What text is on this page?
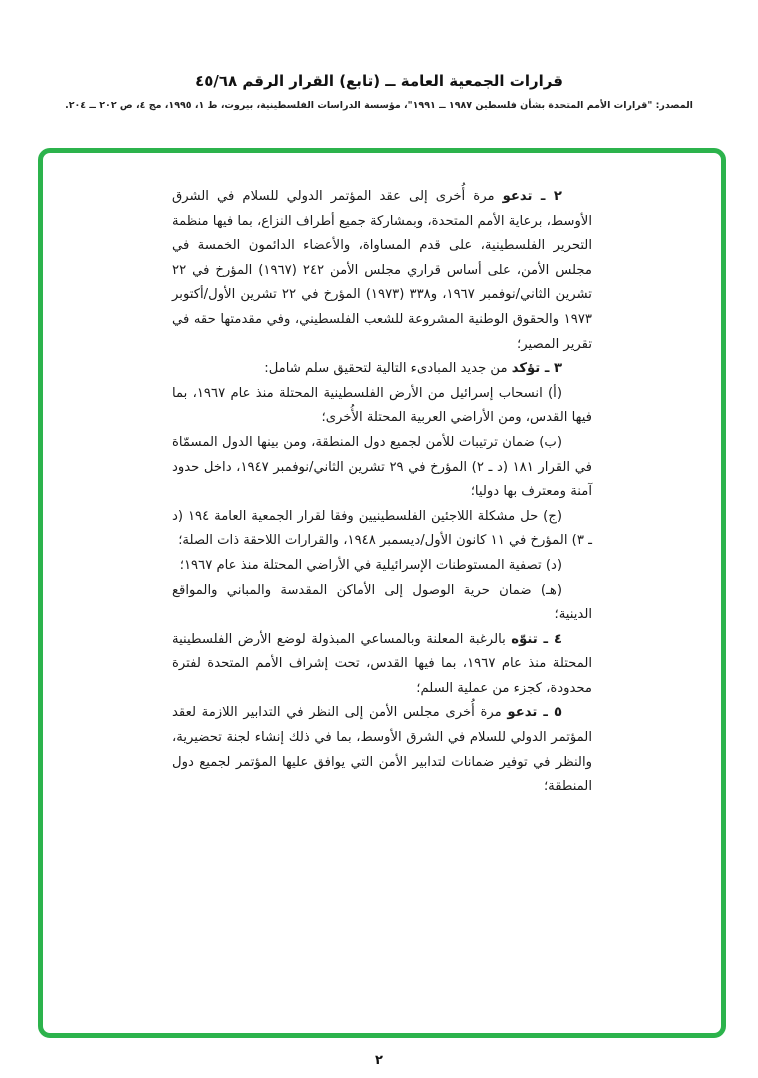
قرارات الجمعية العامة ــ (تابع) القرار الرقم ٤٥/٦٨
المصدر: "قرارات الأمم المتحدة بشأن فلسطين ١٩٨٧ ــ ١٩٩١"، مؤسسة الدراسات الفلسطينية، بيروت، ط ١، ١٩٩٥، مج ٤، ص ٢٠٢ ــ ٢٠٤.

٢ ـ تدعو مرة أُخرى إلى عقد المؤتمر الدولي للسلام في الشرق الأوسط، برعاية الأمم المتحدة، وبمشاركة جميع أطراف النزاع، بما فيها منظمة التحرير الفلسطينية، على قدم المساواة، والأعضاء الدائمون الخمسة في مجلس الأمن، على أساس قراري مجلس الأمن ٢٤٢ (١٩٦٧) المؤرخ في ٢٢ تشرين الثاني/نوفمبر ١٩٦٧، و٣٣٨ (١٩٧٣) المؤرخ في ٢٢ تشرين الأول/أكتوبر ١٩٧٣ والحقوق الوطنية المشروعة للشعب الفلسطيني، وفي مقدمتها حقه في تقرير المصير؛

٣ ـ تؤكد من جديد المبادىء التالية لتحقيق سلم شامل:

(أ) انسحاب إسرائيل من الأرض الفلسطينية المحتلة منذ عام ١٩٦٧، بما فيها القدس، ومن الأراضي العربية المحتلة الأُخرى؛

(ب) ضمان ترتيبات للأمن لجميع دول المنطقة، ومن بينها الدول المسمّاة في القرار ١٨١ (د ـ ٢) المؤرخ في ٢٩ تشرين الثاني/نوفمبر ١٩٤٧، داخل حدود آمنة ومعترف بها دوليا؛

(ج) حل مشكلة اللاجئين الفلسطينيين وفقا لقرار الجمعية العامة ١٩٤ (د ـ ٣) المؤرخ في ١١ كانون الأول/ديسمبر ١٩٤٨، والقرارات اللاحقة ذات الصلة؛

(د) تصفية المستوطنات الإسرائيلية في الأراضي المحتلة منذ عام ١٩٦٧؛

(هـ) ضمان حرية الوصول إلى الأماكن المقدسة والمباني والمواقع الدينية؛

٤ ـ تنوّه بالرغبة المعلنة وبالمساعي المبذولة لوضع الأرض الفلسطينية المحتلة منذ عام ١٩٦٧، بما فيها القدس، تحت إشراف الأمم المتحدة لفترة محدودة، كجزء من عملية السلم؛

٥ ـ تدعو مرة أُخرى مجلس الأمن إلى النظر في التدابير اللازمة لعقد المؤتمر الدولي للسلام في الشرق الأوسط، بما في ذلك إنشاء لجنة تحضيرية، والنظر في توفير ضمانات لتدابير الأمن التي يوافق عليها المؤتمر لجميع دول المنطقة؛

٢
